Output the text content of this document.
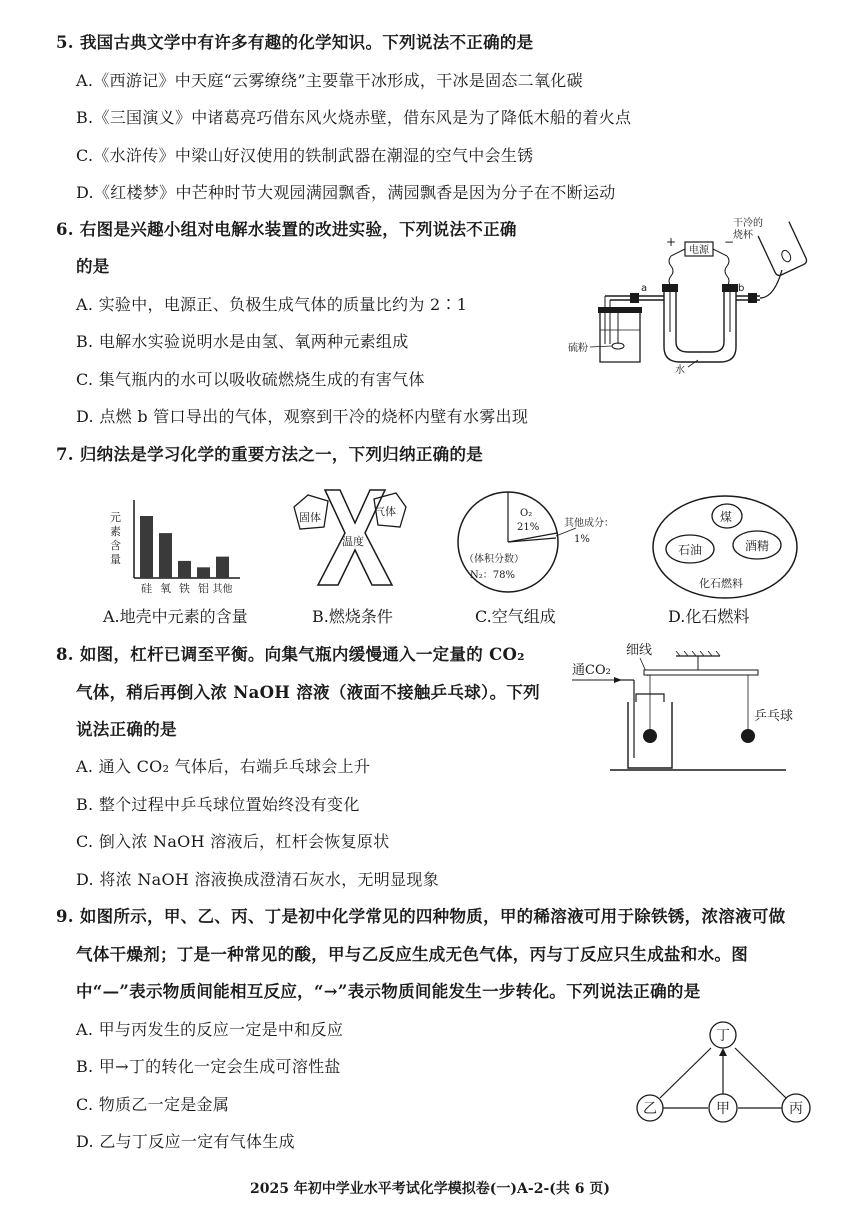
5. 我国古典文学中有许多有趣的化学知识。下列说法不正确的是
A.《西游记》中天庭“云雾缭绕”主要靠干冰形成，干冰是固态二氧化碳
B.《三国演义》中诸葛亮巧借东风火烧赤壁，借东风是为了降低木船的着火点
C.《水浒传》中梁山好汉使用的铁制武器在潮湿的空气中会生锈
D.《红楼梦》中芒种时节大观园满园飘香，满园飘香是因为分子在不断运动
6. 右图是兴趣小组对电解水装置的改进实验，下列说法不正确
的是
A. 实验中，电源正、负极生成气体的质量比约为 2∶1
B. 电解水实验说明水是由氢、氧两种元素组成
C. 集气瓶内的水可以吸收硫燃烧生成的有害气体
D. 点燃 b 管口导出的气体，观察到干冷的烧杯内壁有水雾出现
电源
+	−
a	b
干冷的
烧杯
硫粉
水
7. 归纳法是学习化学的重要方法之一，下列归纳正确的是
元
素
含
量
硅 氧 铁 铝 其他
A.地壳中元素的含量
固体	气体
温度
B.燃烧条件
O₂
21% 其他成分：
1%
（体积分数）
N₂：78%
C.空气组成
煤
石油	酒精
化石燃料
D.化石燃料
8. 如图，杠杆已调至平衡。向集气瓶内缓慢通入一定量的 CO₂
气体，稍后再倒入浓 NaOH 溶液（液面不接触乒乓球）。下列
说法正确的是
A. 通入 CO₂ 气体后，右端乒乓球会上升
B. 整个过程中乒乓球位置始终没有变化
C. 倒入浓 NaOH 溶液后，杠杆会恢复原状
D. 将浓 NaOH 溶液换成澄清石灰水，无明显现象
细线
通CO₂
乒乓球
9. 如图所示，甲、乙、丙、丁是初中化学常见的四种物质，甲的稀溶液可用于除铁锈，浓溶液可做
气体干燥剂；丁是一种常见的酸，甲与乙反应生成无色气体，丙与丁反应只生成盐和水。图
中“—”表示物质间能相互反应，“→”表示物质间能发生一步转化。下列说法正确的是
A. 甲与丙发生的反应一定是中和反应
B. 甲→丁的转化一定会生成可溶性盐
C. 物质乙一定是金属
D. 乙与丁反应一定有气体生成
丁
乙	甲	丙
2025 年初中学业水平考试化学模拟卷(一)A-2-(共 6 页)
